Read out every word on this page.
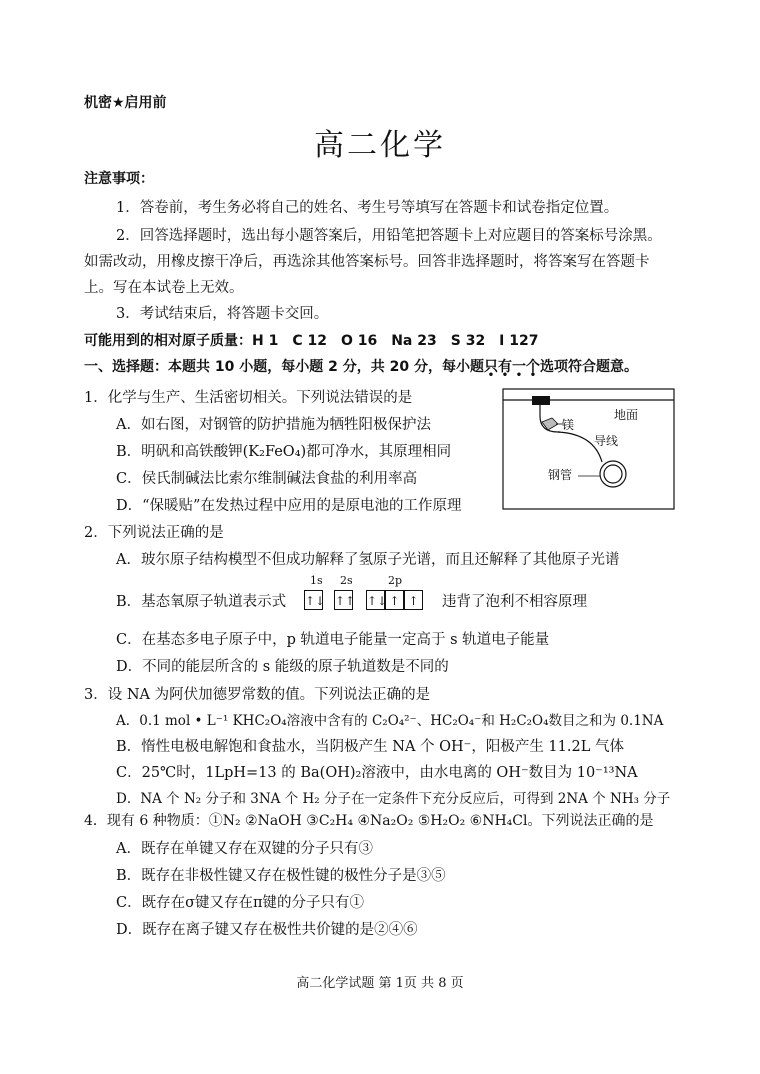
机密★启用前
高二化学
注意事项：
1．答卷前，考生务必将自己的姓名、考生号等填写在答题卡和试卷指定位置。
2．回答选择题时，选出每小题答案后，用铅笔把答题卡上对应题目的答案标号涂黑。
如需改动，用橡皮擦干净后，再选涂其他答案标号。回答非选择题时，将答案写在答题卡
上。写在本试卷上无效。
3．考试结束后，将答题卡交回。
可能用到的相对原子质量：H 1　C 12　O 16　Na 23　S 32　I 127
一、选择题：本题共 10 小题，每小题 2 分，共 20 分，每小题只有一个选项符合题意。
1．化学与生产、生活密切相关。下列说法错误的是
A．如右图，对钢管的防护措施为牺牲阳极保护法
B．明矾和高铁酸钾(K₂FeO₄)都可净水，其原理相同
C．侯氏制碱法比索尔维制碱法食盐的利用率高
D．“保暖贴”在发热过程中应用的是原电池的工作原理
地面
镁
导线
钢管
2．下列说法正确的是
A．玻尔原子结构模型不但成功解释了氢原子光谱，而且还解释了其他原子光谱
B．基态氧原子轨道表示式
1s 2s	2p
↑↓ ↑↑ ↑↓ ↑ ↑	违背了泡利不相容原理
C．在基态多电子原子中，p 轨道电子能量一定高于 s 轨道电子能量
D．不同的能层所含的 s 能级的原子轨道数是不同的
3．设 NA 为阿伏加德罗常数的值。下列说法正确的是
A．0.1 mol • L⁻¹ KHC₂O₄溶液中含有的 C₂O₄²⁻、HC₂O₄⁻和 H₂C₂O₄数目之和为 0.1NA
B．惰性电极电解饱和食盐水，当阴极产生 NA 个 OH⁻，阳极产生 11.2L 气体
C．25℃时，1LpH=13 的 Ba(OH)₂溶液中，由水电离的 OH⁻数目为 10⁻¹³NA
D．NA 个 N₂ 分子和 3NA 个 H₂ 分子在一定条件下充分反应后，可得到 2NA 个 NH₃ 分子
4．现有 6 种物质：①N₂ ②NaOH ③C₂H₄ ④Na₂O₂ ⑤H₂O₂ ⑥NH₄Cl。下列说法正确的是
A．既存在单键又存在双键的分子只有③
B．既存在非极性键又存在极性键的极性分子是③⑤
C．既存在σ键又存在π键的分子只有①
D．既存在离子键又存在极性共价键的是②④⑥
高二化学试题 第 1页 共 8 页
